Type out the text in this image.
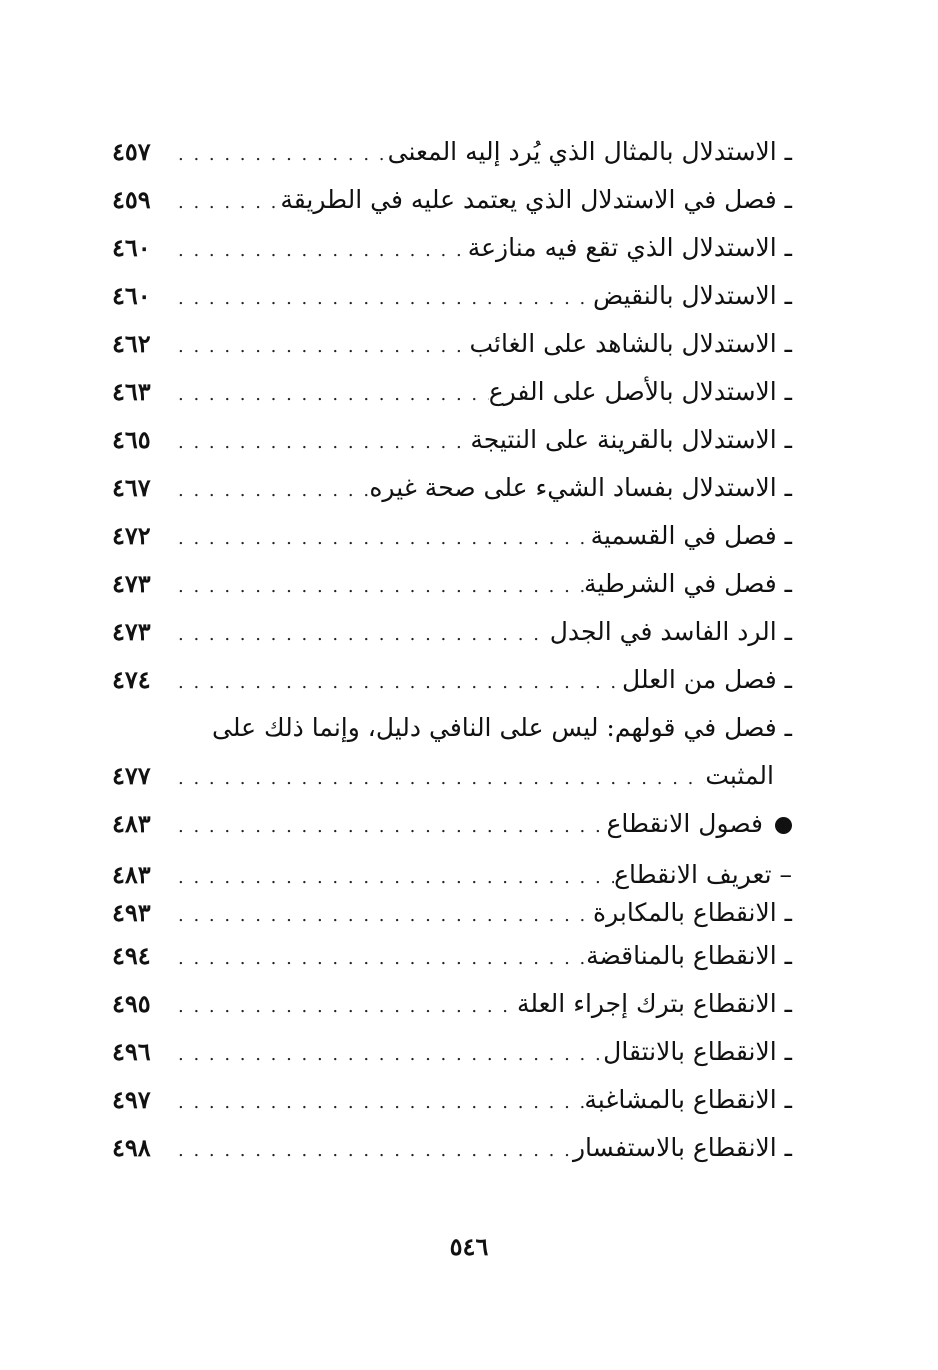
ـ الاستدلال بالمثال الذي يُرد إليه المعنى
. . .
٤٥٧
ـ فصل في الاستدلال الذي يعتمد عليه في الطريقة
. . .
٤٥٩
ـ الاستدلال الذي تقع فيه منازعة
. . .
٤٦٠
ـ الاستدلال بالنقيض
. . .
٤٦٠
ـ الاستدلال بالشاهد على الغائب
. . .
٤٦٢
ـ الاستدلال بالأصل على الفرع
. . .
٤٦٣
ـ الاستدلال بالقرينة على النتيجة
. . .
٤٦٥
ـ الاستدلال بفساد الشيء على صحة غيره
. . .
٤٦٧
ـ فصل في القسمية
. . .
٤٧٢
ـ فصل في الشرطية
. . .
٤٧٣
ـ الرد الفاسد في الجدل
. . .
٤٧٣
ـ فصل من العلل
. . .
٤٧٤
ـ فصل في قولهم: ليس على النافي دليل، وإنما ذلك على
المثبت
. . .
٤٧٧
فصول الانقطاع
. . .
٤٨٣
– تعريف الانقطاع
. . .
٤٨٣
ـ الانقطاع بالمكابرة
. . .
٤٩٣
ـ الانقطاع بالمناقضة
. . .
٤٩٤
ـ الانقطاع بترك إجراء العلة
. . .
٤٩٥
ـ الانقطاع بالانتقال
. . .
٤٩٦
ـ الانقطاع بالمشاغبة
. . .
٤٩٧
ـ الانقطاع بالاستفسار
. . .
٤٩٨
٥٤٦
